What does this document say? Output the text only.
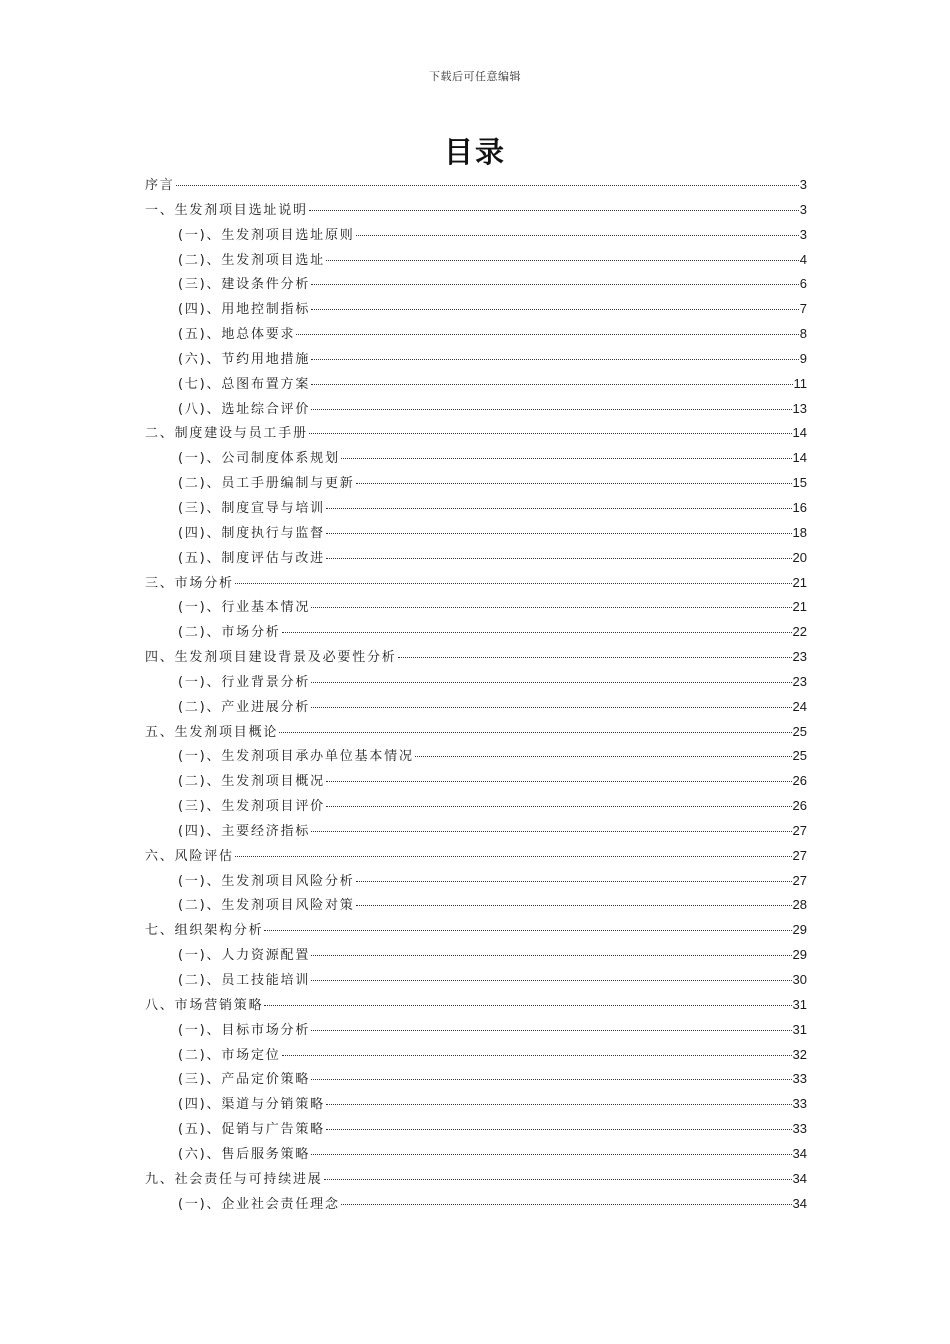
下载后可任意编辑
目录
序言	3
一、生发剂项目选址说明	3
(一)、生发剂项目选址原则	3
(二)、生发剂项目选址	4
(三)、建设条件分析	6
(四)、用地控制指标	7
(五)、地总体要求	8
(六)、节约用地措施	9
(七)、总图布置方案	11
(八)、选址综合评价	13
二、制度建设与员工手册	14
(一)、公司制度体系规划	14
(二)、员工手册编制与更新	15
(三)、制度宣导与培训	16
(四)、制度执行与监督	18
(五)、制度评估与改进	20
三、市场分析	21
(一)、行业基本情况	21
(二)、市场分析	22
四、生发剂项目建设背景及必要性分析	23
(一)、行业背景分析	23
(二)、产业进展分析	24
五、生发剂项目概论	25
(一)、生发剂项目承办单位基本情况	25
(二)、生发剂项目概况	26
(三)、生发剂项目评价	26
(四)、主要经济指标	27
六、风险评估	27
(一)、生发剂项目风险分析	27
(二)、生发剂项目风险对策	28
七、组织架构分析	29
(一)、人力资源配置	29
(二)、员工技能培训	30
八、市场营销策略	31
(一)、目标市场分析	31
(二)、市场定位	32
(三)、产品定价策略	33
(四)、渠道与分销策略	33
(五)、促销与广告策略	33
(六)、售后服务策略	34
九、社会责任与可持续进展	34
(一)、企业社会责任理念	34
